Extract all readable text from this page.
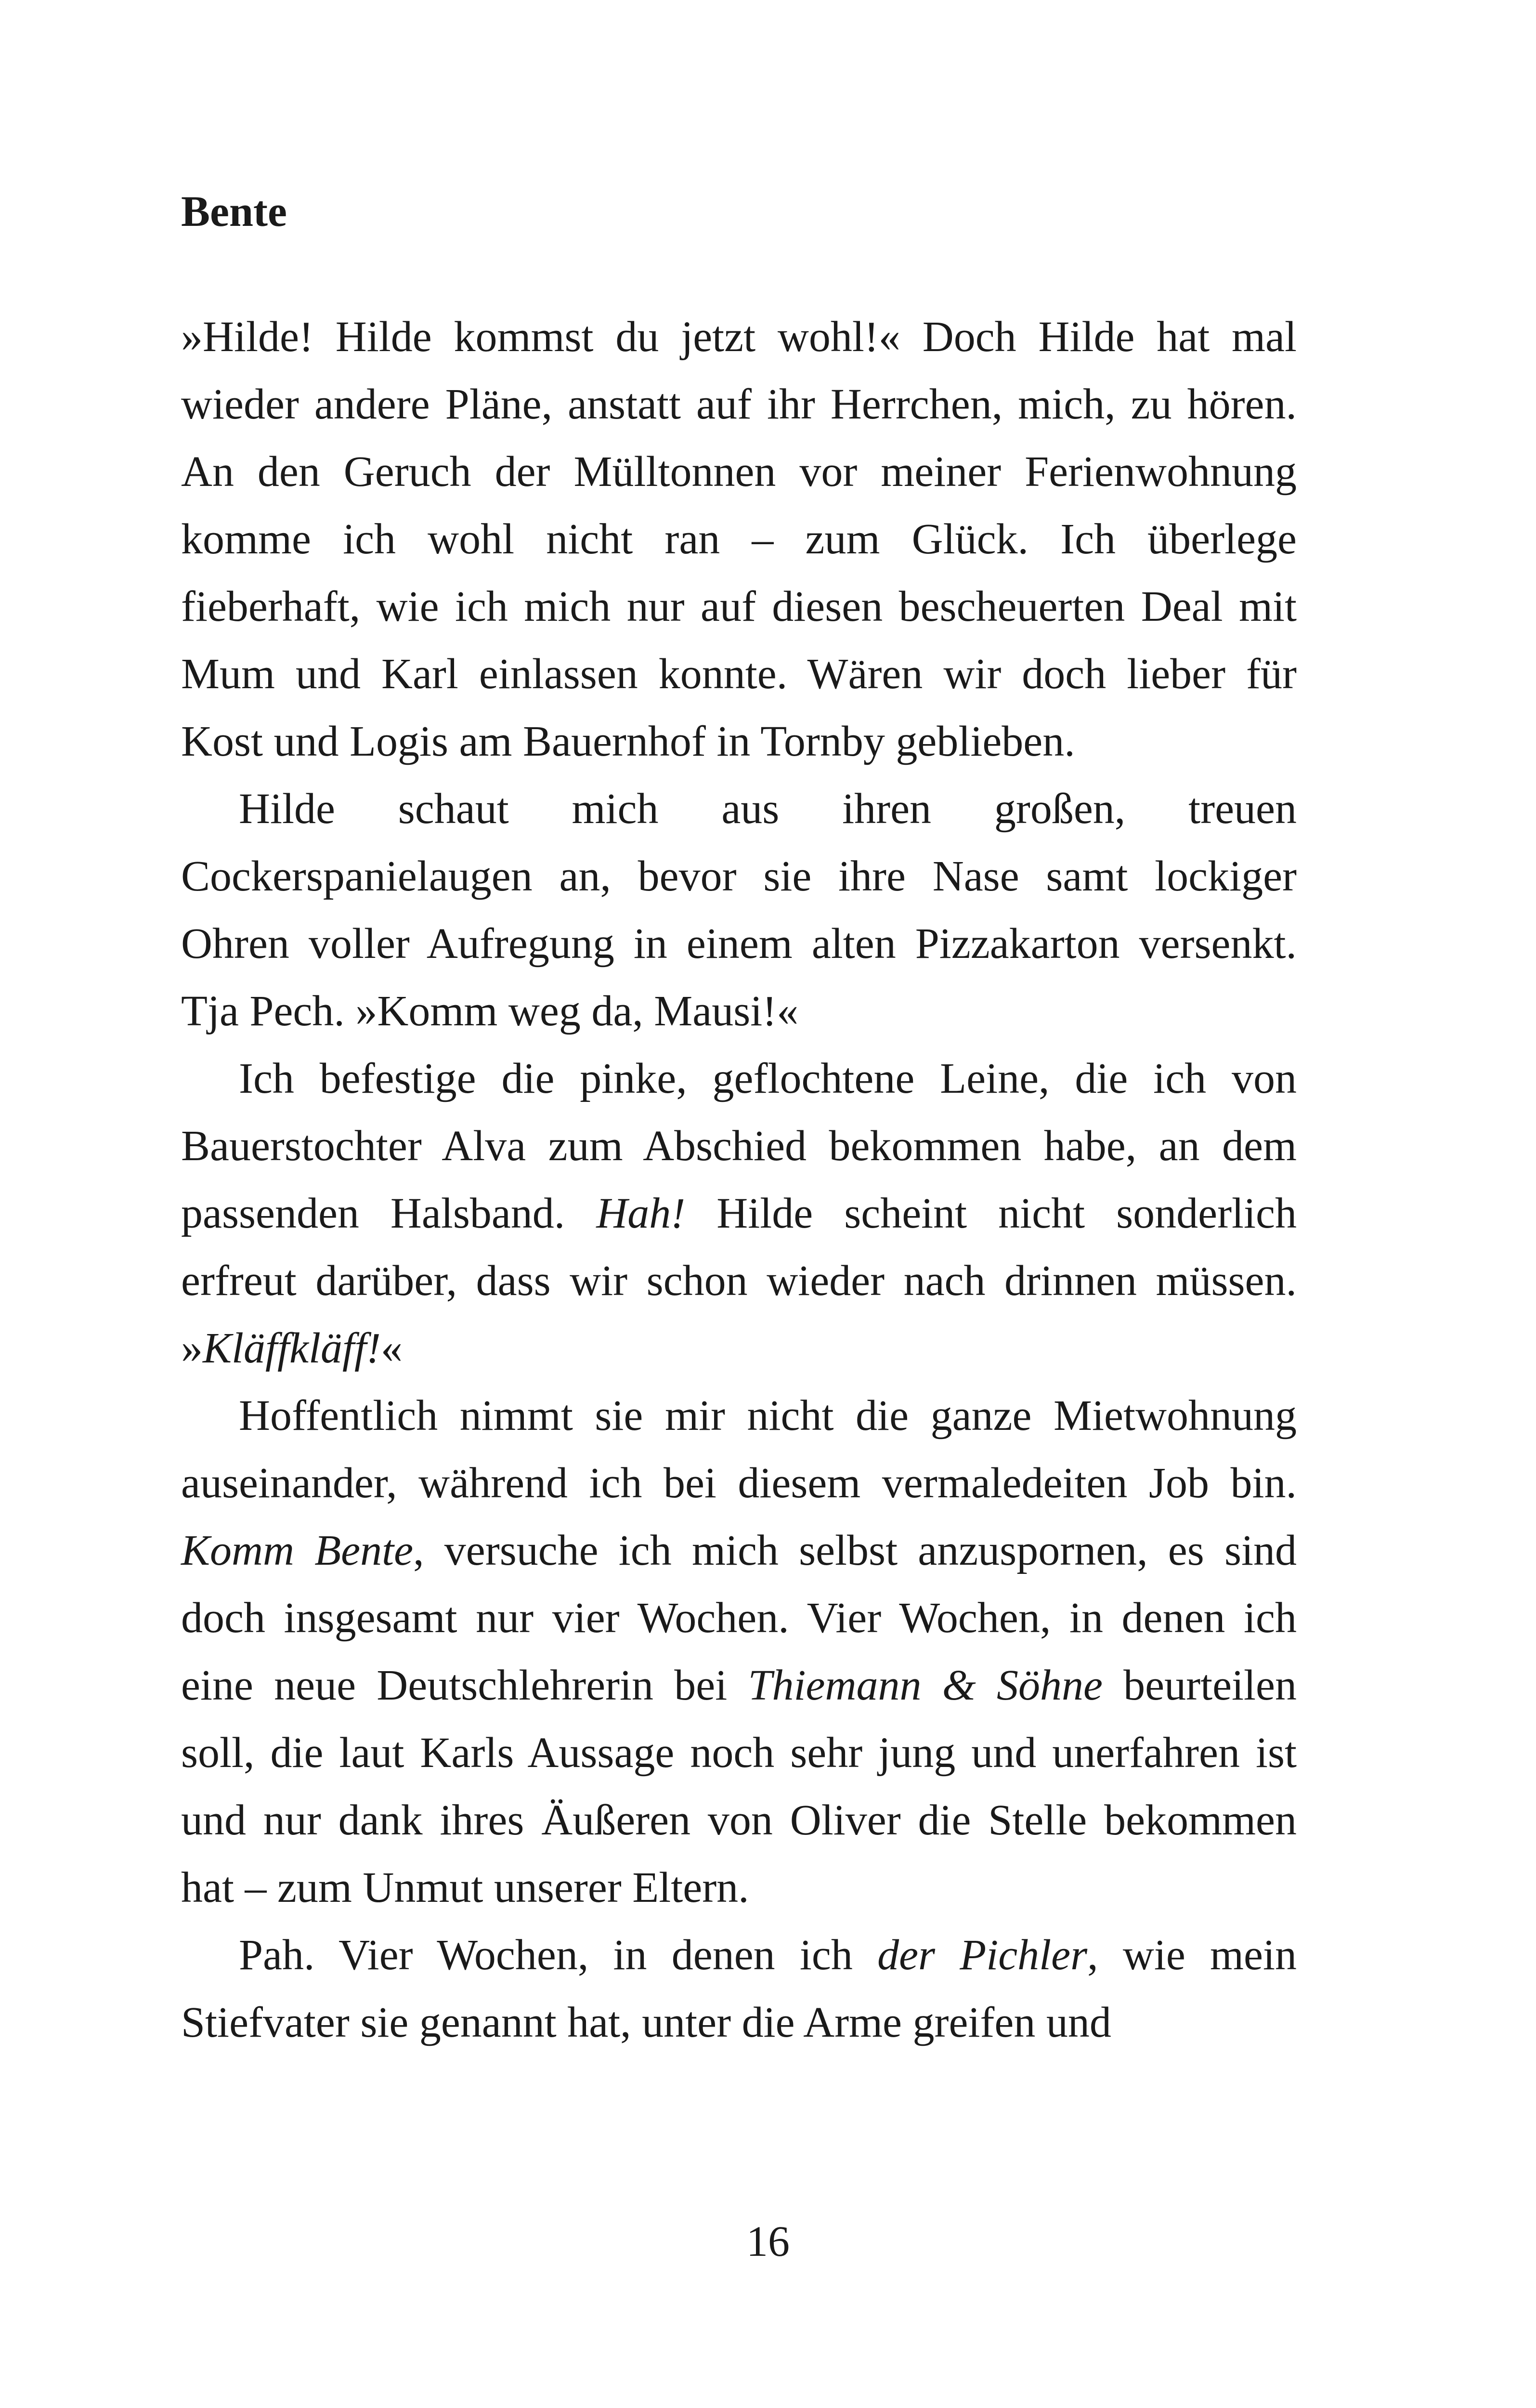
Bente

»Hilde! Hilde kommst du jetzt wohl!« Doch Hilde hat mal wieder andere Pläne, anstatt auf ihr Herrchen, mich, zu hören. An den Geruch der Mülltonnen vor meiner Ferienwohnung komme ich wohl nicht ran – zum Glück. Ich überlege fieberhaft, wie ich mich nur auf diesen bescheuerten Deal mit Mum und Karl einlassen konnte. Wären wir doch lieber für Kost und Logis am Bauernhof in Tornby geblieben.

Hilde schaut mich aus ihren großen, treuen Cockerspanielaugen an, bevor sie ihre Nase samt lockiger Ohren voller Aufregung in einem alten Pizzakarton versenkt. Tja Pech. »Komm weg da, Mausi!«

Ich befestige die pinke, geflochtene Leine, die ich von Bauerstochter Alva zum Abschied bekommen habe, an dem passenden Halsband. Hah! Hilde scheint nicht sonderlich erfreut darüber, dass wir schon wieder nach drinnen müssen. »Kläffkläff!«

Hoffentlich nimmt sie mir nicht die ganze Mietwohnung auseinander, während ich bei diesem vermaledeiten Job bin. Komm Bente, versuche ich mich selbst anzuspornen, es sind doch insgesamt nur vier Wochen. Vier Wochen, in denen ich eine neue Deutschlehrerin bei Thiemann & Söhne beurteilen soll, die laut Karls Aussage noch sehr jung und unerfahren ist und nur dank ihres Äußeren von Oliver die Stelle bekommen hat – zum Unmut unserer Eltern.

Pah. Vier Wochen, in denen ich der Pichler, wie mein Stiefvater sie genannt hat, unter die Arme greifen und

16
